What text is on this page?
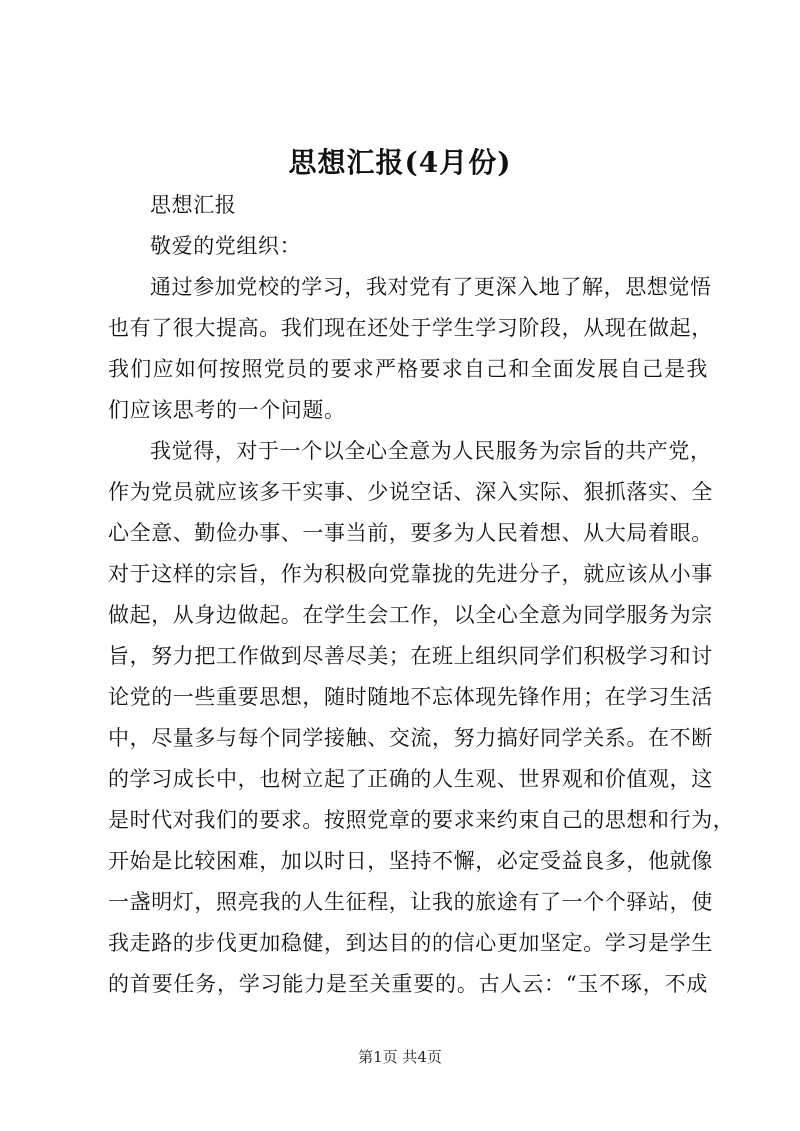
思想汇报(4月份)
思想汇报
敬爱的党组织：
通过参加党校的学习，我对党有了更深入地了解，思想觉悟
也有了很大提高。我们现在还处于学生学习阶段，从现在做起，
我们应如何按照党员的要求严格要求自己和全面发展自己是我
们应该思考的一个问题。
我觉得，对于一个以全心全意为人民服务为宗旨的共产党，
作为党员就应该多干实事、少说空话、深入实际、狠抓落实、全
心全意、勤俭办事、一事当前，要多为人民着想、从大局着眼。
对于这样的宗旨，作为积极向党靠拢的先进分子，就应该从小事
做起，从身边做起。在学生会工作，以全心全意为同学服务为宗
旨，努力把工作做到尽善尽美；在班上组织同学们积极学习和讨
论党的一些重要思想，随时随地不忘体现先锋作用；在学习生活
中，尽量多与每个同学接触、交流，努力搞好同学关系。在不断
的学习成长中，也树立起了正确的人生观、世界观和价值观，这
是时代对我们的要求。按照党章的要求来约束自己的思想和行为，
开始是比较困难，加以时日，坚持不懈，必定受益良多，他就像
一盏明灯，照亮我的人生征程，让我的旅途有了一个个驿站，使
我走路的步伐更加稳健，到达目的的信心更加坚定。学习是学生
的首要任务，学习能力是至关重要的。古人云：“玉不琢，不成
第1页 共4页
